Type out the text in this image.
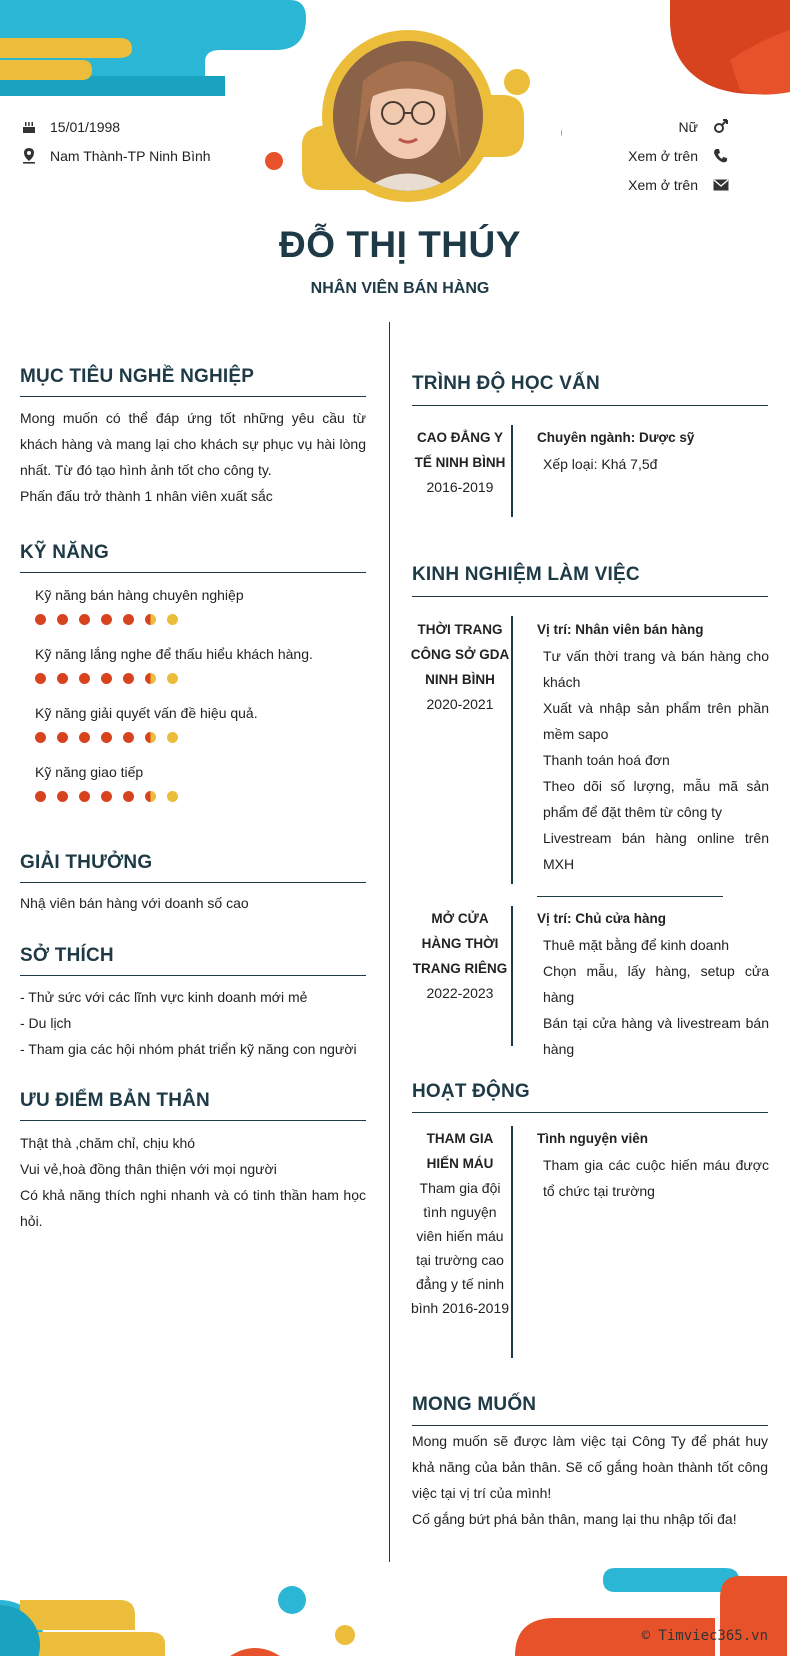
15/01/1998
Nam Thành-TP Ninh Bình
Nữ
Xem ở trên
Xem ở trên
ĐỖ THỊ THÚY
NHÂN VIÊN BÁN HÀNG
MỤC TIÊU NGHỀ NGHIỆP

Mong muốn có thể đáp ứng tốt những yêu cầu từ khách hàng và mang lại cho khách sự phục vụ hài lòng nhất. Từ đó tạo hình ảnh tốt cho công ty.

Phấn đấu trở thành 1 nhân viên xuất sắc

KỸ NĂNG
Kỹ năng bán hàng chuyên nghiệp
Kỹ năng lắng nghe để thấu hiểu khách hàng.
Kỹ năng giải quyết vấn đề hiệu quả.
Kỹ năng giao tiếp
GIẢI THƯỞNG
Nhậ viên bán hàng với doanh số cao
SỞ THÍCH

- Thử sức với các lĩnh vực kinh doanh mới mẻ

- Du lịch

- Tham gia các hội nhóm phát triển kỹ năng con người

ƯU ĐIỂM BẢN THÂN

Thật thà ,chăm chỉ, chịu khó

Vui vẻ,hoà đồng thân thiện với mọi người

Có khả năng thích nghi nhanh và có tinh thần ham học hỏi.

TRÌNH ĐỘ HỌC VẤN
CAO ĐẲNG Y TẾ NINH BÌNH
2016-2019
Chuyên ngành: Dược sỹ
Xếp loại: Khá 7,5đ
KINH NGHIỆM LÀM VIỆC
THỜI TRANG CÔNG SỞ GDA NINH BÌNH
2020-2021
Vị trí: Nhân viên bán hàng
Tư vấn thời trang và bán hàng cho khách
Xuất và nhập sản phẩm trên phần mềm sapo
Thanh toán hoá đơn
Theo dõi số lượng, mẫu mã sản phẩm để đặt thêm từ công ty
Livestream bán hàng online trên MXH
MỞ CỬA HÀNG THỜI TRANG RIÊNG
2022-2023
Vị trí: Chủ cửa hàng
Thuê mặt bằng để kinh doanh
Chọn mẫu, lấy hàng, setup cửa hàng
Bán tại cửa hàng và livestream bán hàng
HOẠT ĐỘNG
THAM GIA HIẾN MÁU
Tham gia đội tình nguyện viên hiến máu tại trường cao đẳng y tế ninh bình 2016-2019
Tình nguyện viên
Tham gia các cuộc hiến máu được tổ chức tại trường
MONG MUỐN

Mong muốn sẽ được làm việc tại Công Ty để phát huy khả năng của bản thân. Sẽ cố gắng hoàn thành tốt công việc tại vị trí của mình!

Cố gắng bứt phá bản thân, mang lại thu nhập tối đa!

© Timviec365.vn
